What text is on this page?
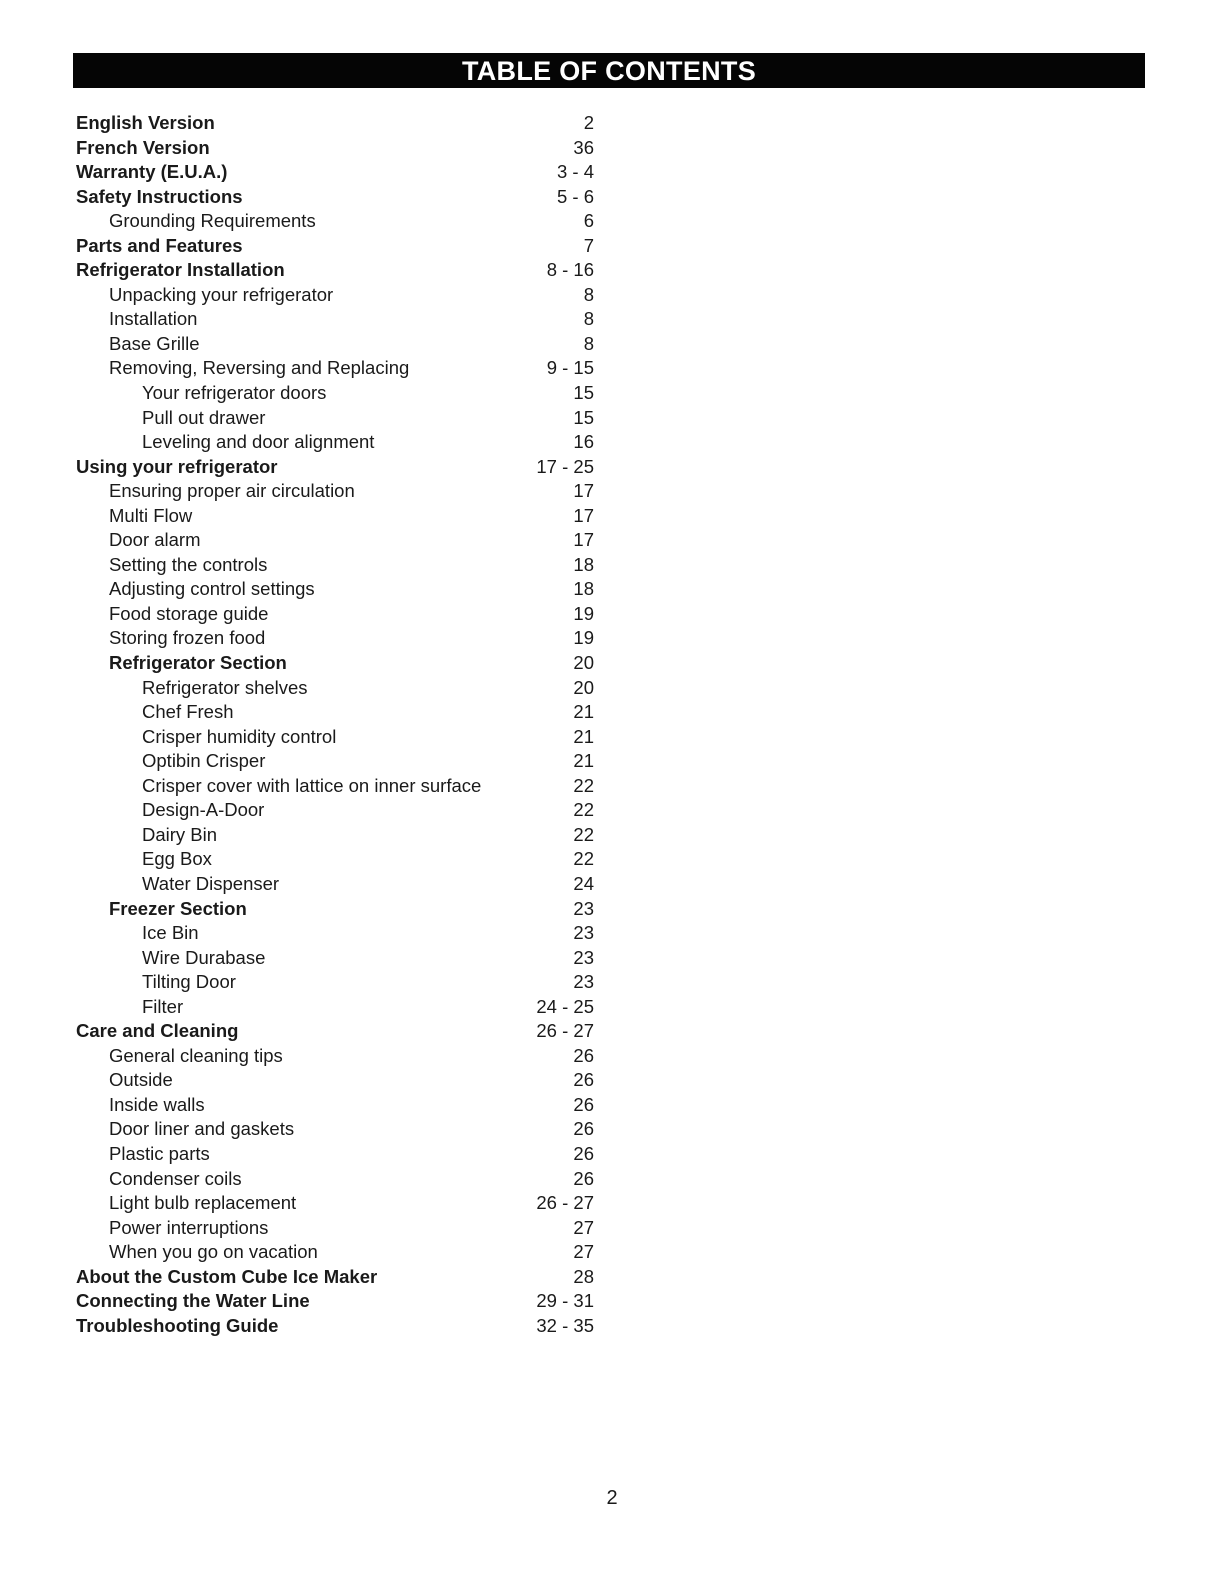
TABLE OF CONTENTS
English Version	2
French Version	36
Warranty (E.U.A.)	3 - 4
Safety Instructions	5 - 6
Grounding Requirements	6
Parts and Features	7
Refrigerator Installation	8 - 16
Unpacking your refrigerator	8
Installation	8
Base Grille	8
Removing, Reversing and Replacing	9 - 15
Your refrigerator doors	15
Pull out drawer	15
Leveling and door alignment	16
Using your refrigerator	17 - 25
Ensuring proper air circulation	17
Multi Flow	17
Door alarm	17
Setting the controls	18
Adjusting control settings	18
Food storage guide	19
Storing frozen food	19
Refrigerator Section	20
Refrigerator shelves	20
Chef Fresh	21
Crisper humidity control	21
Optibin Crisper	21
Crisper cover with lattice on inner surface	22
Design-A-Door	22
Dairy Bin	22
Egg Box	22
Water Dispenser	24
Freezer Section	23
Ice Bin	23
Wire Durabase	23
Tilting Door	23
Filter	24 - 25
Care and Cleaning	26 - 27
General cleaning tips	26
Outside	26
Inside walls	26
Door liner and gaskets	26
Plastic parts	26
Condenser coils	26
Light bulb replacement	26 - 27
Power interruptions	27
When you go on vacation	27
About the Custom Cube Ice Maker	28
Connecting the Water Line	29 - 31
Troubleshooting Guide	32 - 35
2
